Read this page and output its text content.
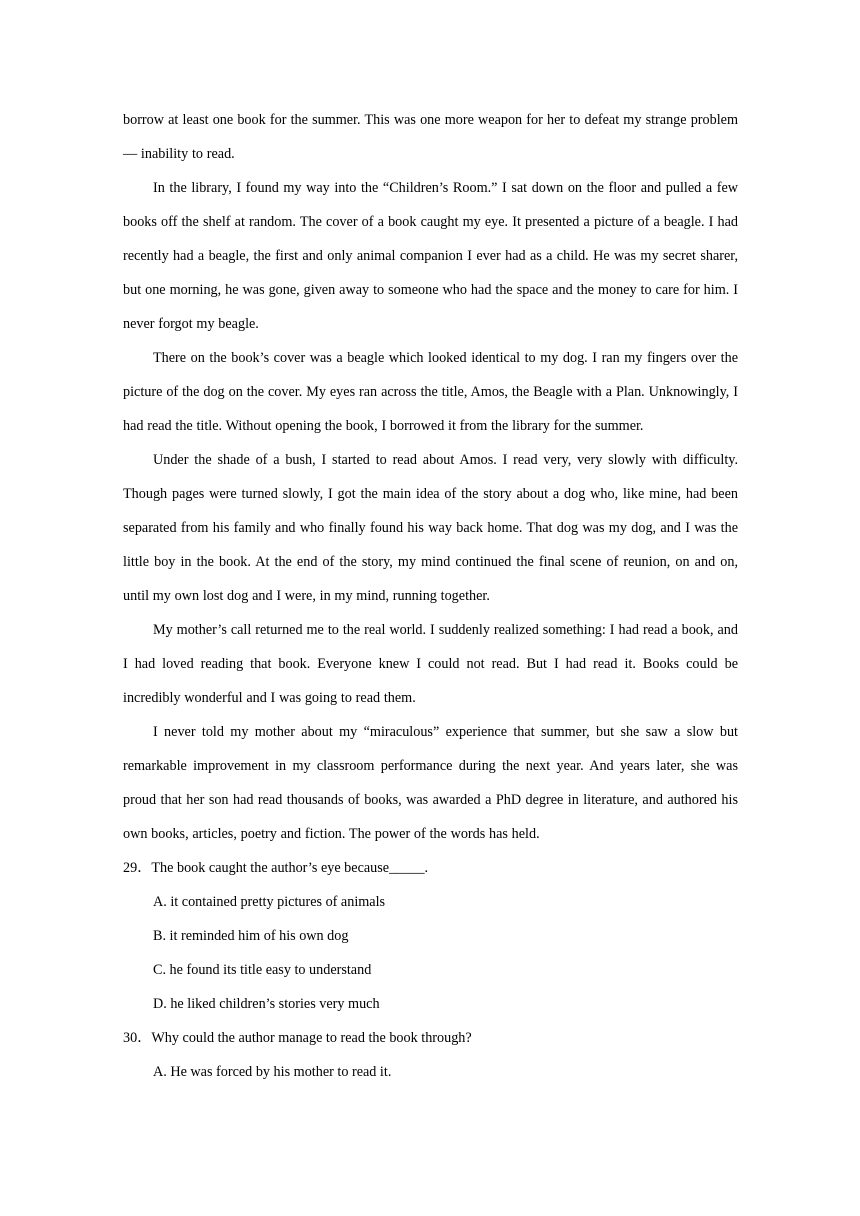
borrow at least one book for the summer. This was one more weapon for her to defeat my strange problem — inability to read.

In the library, I found my way into the “Children’s Room.” I sat down on the floor and pulled a few books off the shelf at random. The cover of a book caught my eye. It presented a picture of a beagle. I had recently had a beagle, the first and only animal companion I ever had as a child. He was my secret sharer, but one morning, he was gone, given away to someone who had the space and the money to care for him. I never forgot my beagle.

There on the book’s cover was a beagle which looked identical to my dog. I ran my fingers over the picture of the dog on the cover. My eyes ran across the title, Amos, the Beagle with a Plan. Unknowingly, I had read the title. Without opening the book, I borrowed it from the library for the summer.

Under the shade of a bush, I started to read about Amos. I read very, very slowly with difficulty. Though pages were turned slowly, I got the main idea of the story about a dog who, like mine, had been separated from his family and who finally found his way back home. That dog was my dog, and I was the little boy in the book. At the end of the story, my mind continued the final scene of reunion, on and on, until my own lost dog and I were, in my mind, running together.

My mother’s call returned me to the real world. I suddenly realized something: I had read a book, and I had loved reading that book. Everyone knew I could not read. But I had read it. Books could be incredibly wonderful and I was going to read them.

I never told my mother about my “miraculous” experience that summer, but she saw a slow but remarkable improvement in my classroom performance during the next year. And years later, she was proud that her son had read thousands of books, was awarded a PhD degree in literature, and authored his own books, articles, poetry and fiction. The power of the words has held.

29．The book caught the author’s eye because_____.

A. it contained pretty pictures of animals

B. it reminded him of his own dog

C. he found its title easy to understand

D. he liked children’s stories very much

30．Why could the author manage to read the book through?

A. He was forced by his mother to read it.
